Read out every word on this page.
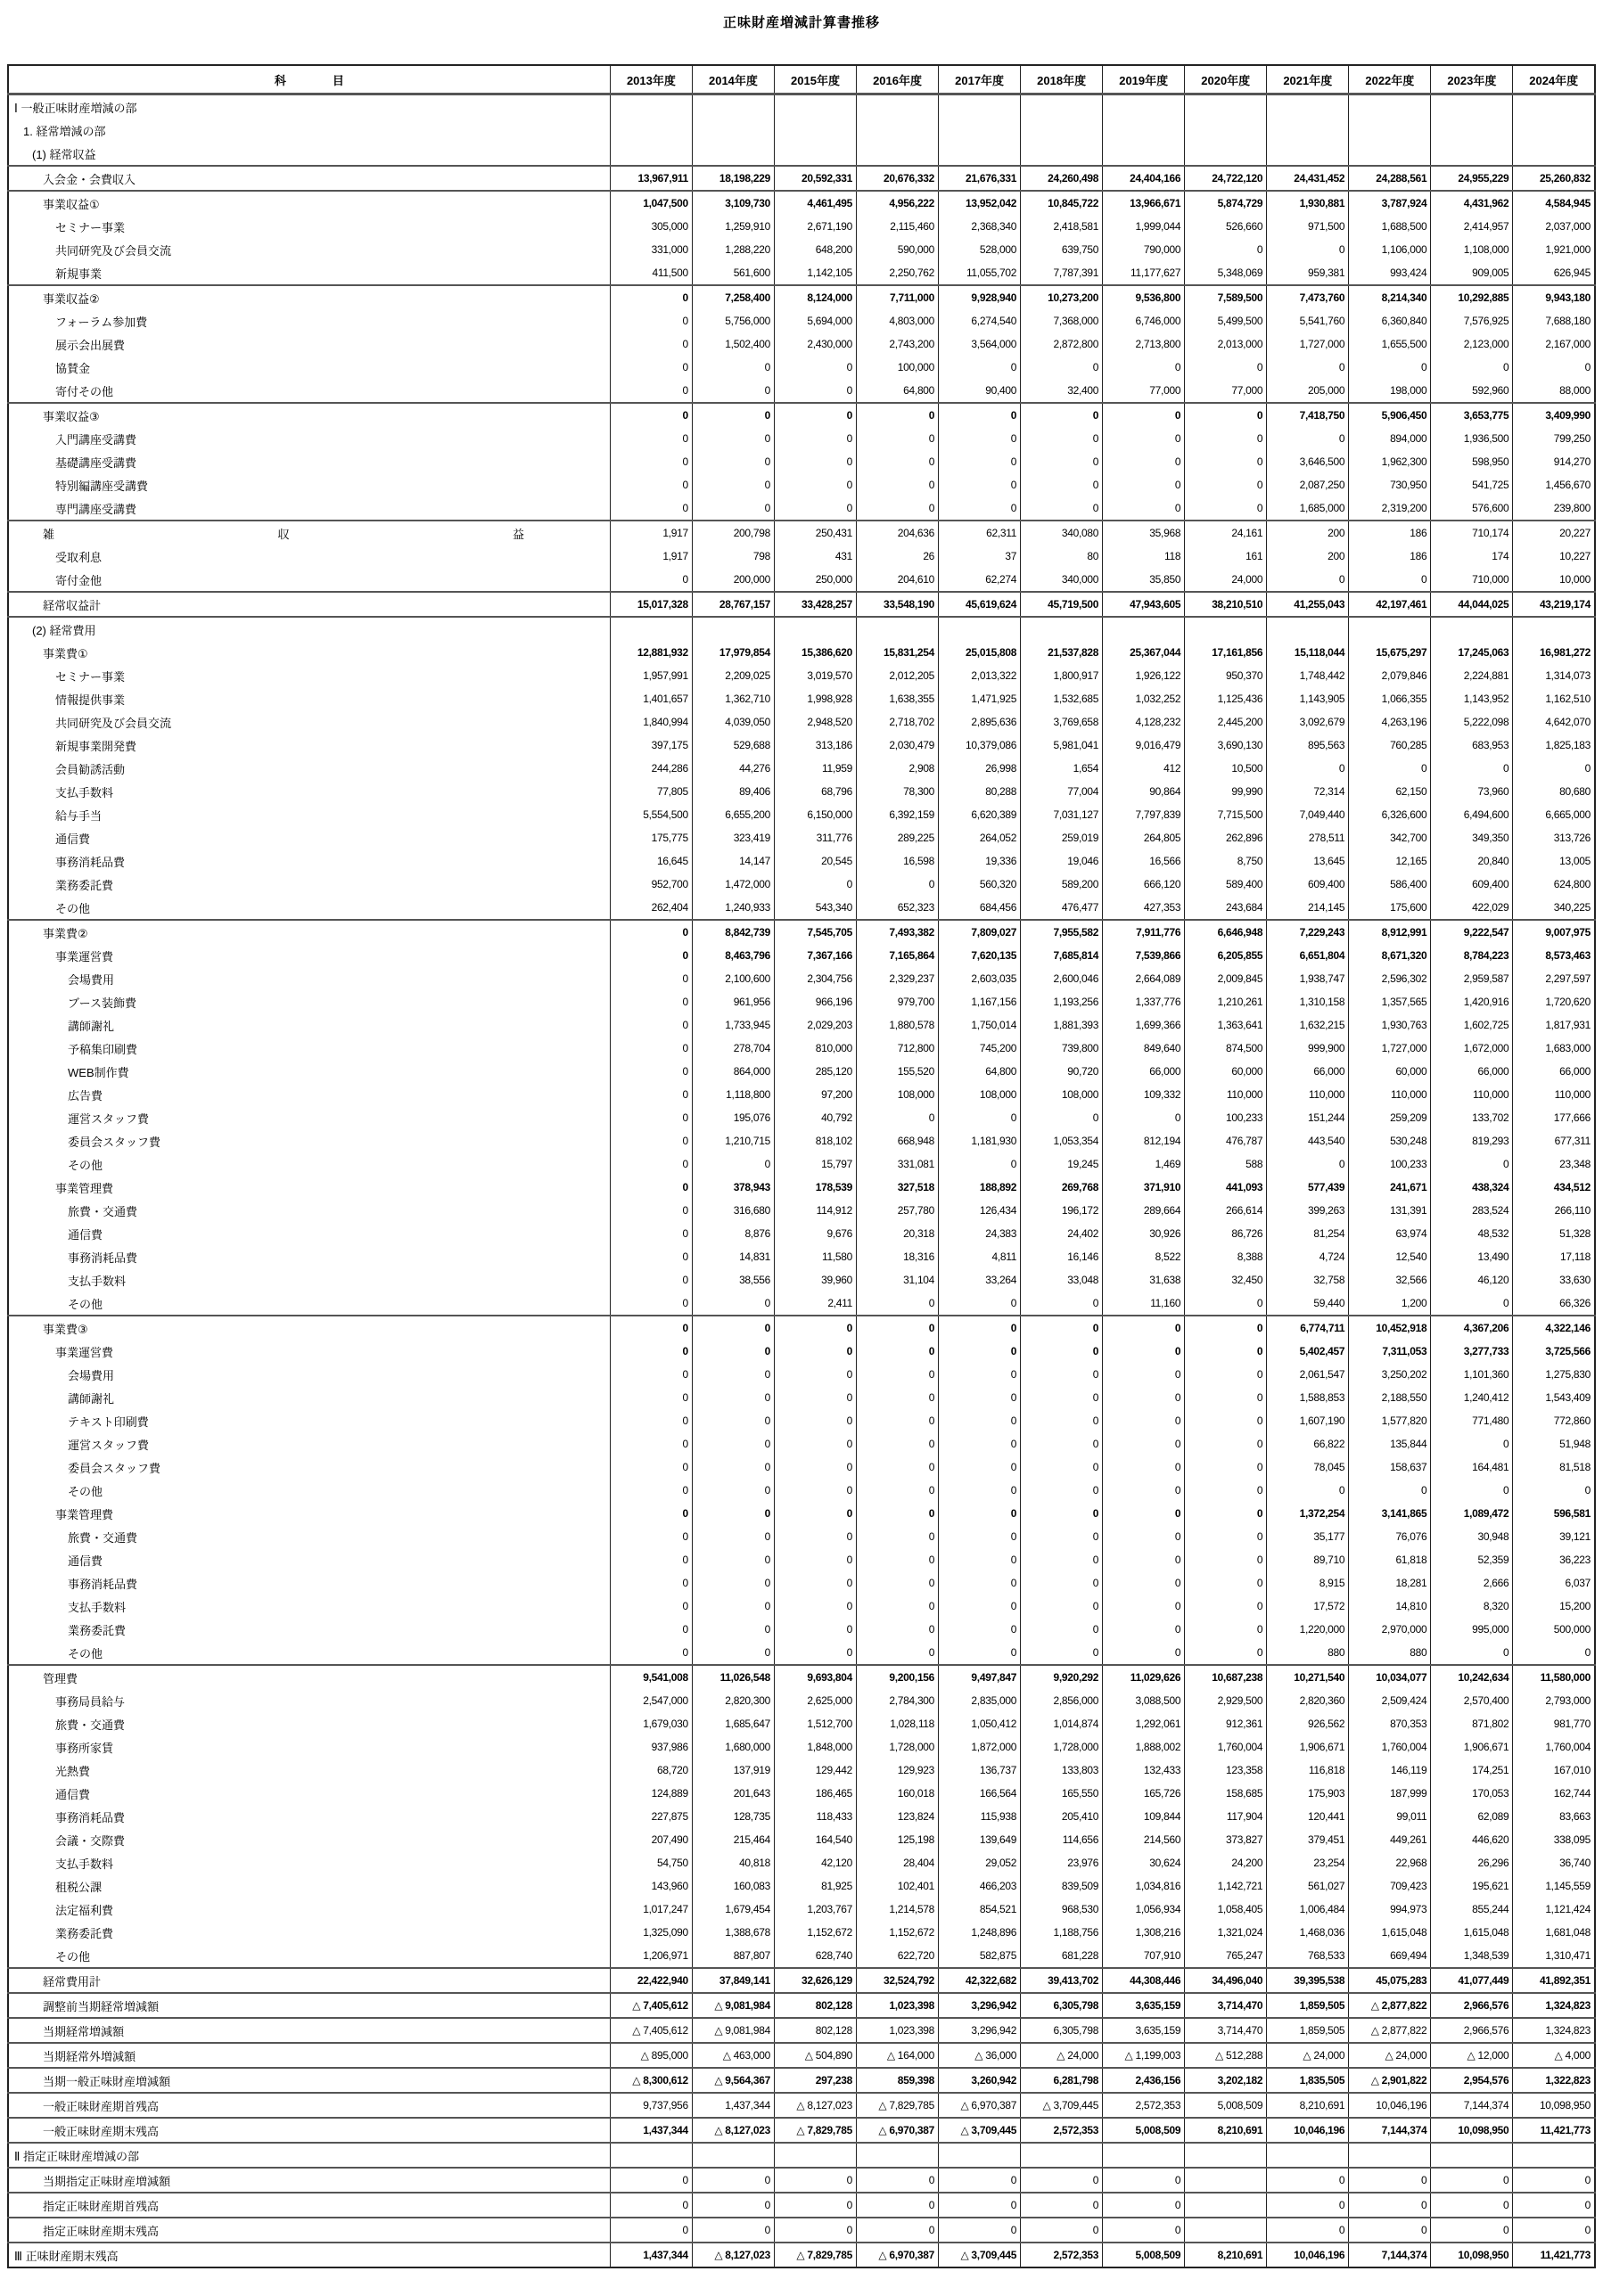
正味財産増減計算書推移
科　　　　目	2013年度	2014年度	2015年度	2016年度	2017年度	2018年度	2019年度	2020年度	2021年度	2022年度	2023年度	2024年度
Ⅰ 一般正味財産増減の部												
1. 経常増減の部												
(1) 経常収益												
入会金・会費収入	13,967,911	18,198,229	20,592,331	20,676,332	21,676,331	24,260,498	24,404,166	24,722,120	24,431,452	24,288,561	24,955,229	25,260,832
事業収益①	1,047,500	3,109,730	4,461,495	4,956,222	13,952,042	10,845,722	13,966,671	5,874,729	1,930,881	3,787,924	4,431,962	4,584,945
セミナー事業	305,000	1,259,910	2,671,190	2,115,460	2,368,340	2,418,581	1,999,044	526,660	971,500	1,688,500	2,414,957	2,037,000
共同研究及び会員交流	331,000	1,288,220	648,200	590,000	528,000	639,750	790,000	0	0	1,106,000	1,108,000	1,921,000
新規事業	411,500	561,600	1,142,105	2,250,762	11,055,702	7,787,391	11,177,627	5,348,069	959,381	993,424	909,005	626,945
事業収益②	0	7,258,400	8,124,000	7,711,000	9,928,940	10,273,200	9,536,800	7,589,500	7,473,760	8,214,340	10,292,885	9,943,180
フォーラム参加費	0	5,756,000	5,694,000	4,803,000	6,274,540	7,368,000	6,746,000	5,499,500	5,541,760	6,360,840	7,576,925	7,688,180
展示会出展費	0	1,502,400	2,430,000	2,743,200	3,564,000	2,872,800	2,713,800	2,013,000	1,727,000	1,655,500	2,123,000	2,167,000
協賛金	0	0	0	100,000	0	0	0	0	0	0	0	0
寄付その他	0	0	0	64,800	90,400	32,400	77,000	77,000	205,000	198,000	592,960	88,000
事業収益③	0	0	0	0	0	0	0	0	7,418,750	5,906,450	3,653,775	3,409,990
入門講座受講費	0	0	0	0	0	0	0	0	0	894,000	1,936,500	799,250
基礎講座受講費	0	0	0	0	0	0	0	0	3,646,500	1,962,300	598,950	914,270
特別編講座受講費	0	0	0	0	0	0	0	0	2,087,250	730,950	541,725	1,456,670
専門講座受講費	0	0	0	0	0	0	0	0	1,685,000	2,319,200	576,600	239,800

雑 収 益	1,917	200,798	250,431	204,636	62,311	340,080	35,968	24,161	200	186	710,174	20,227
受取利息	1,917	798	431	26	37	80	118	161	200	186	174	10,227
寄付金他	0	200,000	250,000	204,610	62,274	340,000	35,850	24,000	0	0	710,000	10,000
経常収益計	15,017,328	28,767,157	33,428,257	33,548,190	45,619,624	45,719,500	47,943,605	38,210,510	41,255,043	42,197,461	44,044,025	43,219,174
(2) 経常費用												
事業費①	12,881,932	17,979,854	15,386,620	15,831,254	25,015,808	21,537,828	25,367,044	17,161,856	15,118,044	15,675,297	17,245,063	16,981,272
セミナー事業	1,957,991	2,209,025	3,019,570	2,012,205	2,013,322	1,800,917	1,926,122	950,370	1,748,442	2,079,846	2,224,881	1,314,073
情報提供事業	1,401,657	1,362,710	1,998,928	1,638,355	1,471,925	1,532,685	1,032,252	1,125,436	1,143,905	1,066,355	1,143,952	1,162,510
共同研究及び会員交流	1,840,994	4,039,050	2,948,520	2,718,702	2,895,636	3,769,658	4,128,232	2,445,200	3,092,679	4,263,196	5,222,098	4,642,070
新規事業開発費	397,175	529,688	313,186	2,030,479	10,379,086	5,981,041	9,016,479	3,690,130	895,563	760,285	683,953	1,825,183
会員勧誘活動	244,286	44,276	11,959	2,908	26,998	1,654	412	10,500	0	0	0	0
支払手数料	77,805	89,406	68,796	78,300	80,288	77,004	90,864	99,990	72,314	62,150	73,960	80,680
給与手当	5,554,500	6,655,200	6,150,000	6,392,159	6,620,389	7,031,127	7,797,839	7,715,500	7,049,440	6,326,600	6,494,600	6,665,000
通信費	175,775	323,419	311,776	289,225	264,052	259,019	264,805	262,896	278,511	342,700	349,350	313,726
事務消耗品費	16,645	14,147	20,545	16,598	19,336	19,046	16,566	8,750	13,645	12,165	20,840	13,005
業務委託費	952,700	1,472,000	0	0	560,320	589,200	666,120	589,400	609,400	586,400	609,400	624,800
その他	262,404	1,240,933	543,340	652,323	684,456	476,477	427,353	243,684	214,145	175,600	422,029	340,225
事業費②	0	8,842,739	7,545,705	7,493,382	7,809,027	7,955,582	7,911,776	6,646,948	7,229,243	8,912,991	9,222,547	9,007,975
事業運営費	0	8,463,796	7,367,166	7,165,864	7,620,135	7,685,814	7,539,866	6,205,855	6,651,804	8,671,320	8,784,223	8,573,463
会場費用	0	2,100,600	2,304,756	2,329,237	2,603,035	2,600,046	2,664,089	2,009,845	1,938,747	2,596,302	2,959,587	2,297,597
ブース装飾費	0	961,956	966,196	979,700	1,167,156	1,193,256	1,337,776	1,210,261	1,310,158	1,357,565	1,420,916	1,720,620
講師謝礼	0	1,733,945	2,029,203	1,880,578	1,750,014	1,881,393	1,699,366	1,363,641	1,632,215	1,930,763	1,602,725	1,817,931
予稿集印刷費	0	278,704	810,000	712,800	745,200	739,800	849,640	874,500	999,900	1,727,000	1,672,000	1,683,000
WEB制作費	0	864,000	285,120	155,520	64,800	90,720	66,000	60,000	66,000	60,000	66,000	66,000
広告費	0	1,118,800	97,200	108,000	108,000	108,000	109,332	110,000	110,000	110,000	110,000	110,000
運営スタッフ費	0	195,076	40,792	0	0	0	0	100,233	151,244	259,209	133,702	177,666
委員会スタッフ費	0	1,210,715	818,102	668,948	1,181,930	1,053,354	812,194	476,787	443,540	530,248	819,293	677,311
その他	0	0	15,797	331,081	0	19,245	1,469	588	0	100,233	0	23,348
事業管理費	0	378,943	178,539	327,518	188,892	269,768	371,910	441,093	577,439	241,671	438,324	434,512
旅費・交通費	0	316,680	114,912	257,780	126,434	196,172	289,664	266,614	399,263	131,391	283,524	266,110
通信費	0	8,876	9,676	20,318	24,383	24,402	30,926	86,726	81,254	63,974	48,532	51,328
事務消耗品費	0	14,831	11,580	18,316	4,811	16,146	8,522	8,388	4,724	12,540	13,490	17,118
支払手数料	0	38,556	39,960	31,104	33,264	33,048	31,638	32,450	32,758	32,566	46,120	33,630
その他	0	0	2,411	0	0	0	11,160	0	59,440	1,200	0	66,326
事業費③	0	0	0	0	0	0	0	0	6,774,711	10,452,918	4,367,206	4,322,146
事業運営費	0	0	0	0	0	0	0	0	5,402,457	7,311,053	3,277,733	3,725,566
会場費用	0	0	0	0	0	0	0	0	2,061,547	3,250,202	1,101,360	1,275,830
講師謝礼	0	0	0	0	0	0	0	0	1,588,853	2,188,550	1,240,412	1,543,409
テキスト印刷費	0	0	0	0	0	0	0	0	1,607,190	1,577,820	771,480	772,860
運営スタッフ費	0	0	0	0	0	0	0	0	66,822	135,844	0	51,948
委員会スタッフ費	0	0	0	0	0	0	0	0	78,045	158,637	164,481	81,518
その他	0	0	0	0	0	0	0	0	0	0	0	0
事業管理費	0	0	0	0	0	0	0	0	1,372,254	3,141,865	1,089,472	596,581
旅費・交通費	0	0	0	0	0	0	0	0	35,177	76,076	30,948	39,121
通信費	0	0	0	0	0	0	0	0	89,710	61,818	52,359	36,223
事務消耗品費	0	0	0	0	0	0	0	0	8,915	18,281	2,666	6,037
支払手数料	0	0	0	0	0	0	0	0	17,572	14,810	8,320	15,200
業務委託費	0	0	0	0	0	0	0	0	1,220,000	2,970,000	995,000	500,000
その他	0	0	0	0	0	0	0	0	880	880	0	0
管理費	9,541,008	11,026,548	9,693,804	9,200,156	9,497,847	9,920,292	11,029,626	10,687,238	10,271,540	10,034,077	10,242,634	11,580,000
事務局員給与	2,547,000	2,820,300	2,625,000	2,784,300	2,835,000	2,856,000	3,088,500	2,929,500	2,820,360	2,509,424	2,570,400	2,793,000
旅費・交通費	1,679,030	1,685,647	1,512,700	1,028,118	1,050,412	1,014,874	1,292,061	912,361	926,562	870,353	871,802	981,770
事務所家賃	937,986	1,680,000	1,848,000	1,728,000	1,872,000	1,728,000	1,888,002	1,760,004	1,906,671	1,760,004	1,906,671	1,760,004
光熱費	68,720	137,919	129,442	129,923	136,737	133,803	132,433	123,358	116,818	146,119	174,251	167,010
通信費	124,889	201,643	186,465	160,018	166,564	165,550	165,726	158,685	175,903	187,999	170,053	162,744
事務消耗品費	227,875	128,735	118,433	123,824	115,938	205,410	109,844	117,904	120,441	99,011	62,089	83,663
会議・交際費	207,490	215,464	164,540	125,198	139,649	114,656	214,560	373,827	379,451	449,261	446,620	338,095
支払手数料	54,750	40,818	42,120	28,404	29,052	23,976	30,624	24,200	23,254	22,968	26,296	36,740
租税公課	143,960	160,083	81,925	102,401	466,203	839,509	1,034,816	1,142,721	561,027	709,423	195,621	1,145,559
法定福利費	1,017,247	1,679,454	1,203,767	1,214,578	854,521	968,530	1,056,934	1,058,405	1,006,484	994,973	855,244	1,121,424
業務委託費	1,325,090	1,388,678	1,152,672	1,152,672	1,248,896	1,188,756	1,308,216	1,321,024	1,468,036	1,615,048	1,615,048	1,681,048
その他	1,206,971	887,807	628,740	622,720	582,875	681,228	707,910	765,247	768,533	669,494	1,348,539	1,310,471
経常費用計	22,422,940	37,849,141	32,626,129	32,524,792	42,322,682	39,413,702	44,308,446	34,496,040	39,395,538	45,075,283	41,077,449	41,892,351
調整前当期経常増減額	△ 7,405,612	△ 9,081,984	802,128	1,023,398	3,296,942	6,305,798	3,635,159	3,714,470	1,859,505	△ 2,877,822	2,966,576	1,324,823
当期経常増減額	△ 7,405,612	△ 9,081,984	802,128	1,023,398	3,296,942	6,305,798	3,635,159	3,714,470	1,859,505	△ 2,877,822	2,966,576	1,324,823
当期経常外増減額	△ 895,000	△ 463,000	△ 504,890	△ 164,000	△ 36,000	△ 24,000	△ 1,199,003	△ 512,288	△ 24,000	△ 24,000	△ 12,000	△ 4,000
当期一般正味財産増減額	△ 8,300,612	△ 9,564,367	297,238	859,398	3,260,942	6,281,798	2,436,156	3,202,182	1,835,505	△ 2,901,822	2,954,576	1,322,823
一般正味財産期首残高	9,737,956	1,437,344	△ 8,127,023	△ 7,829,785	△ 6,970,387	△ 3,709,445	2,572,353	5,008,509	8,210,691	10,046,196	7,144,374	10,098,950
一般正味財産期末残高	1,437,344	△ 8,127,023	△ 7,829,785	△ 6,970,387	△ 3,709,445	2,572,353	5,008,509	8,210,691	10,046,196	7,144,374	10,098,950	11,421,773
Ⅱ 指定正味財産増減の部												
当期指定正味財産増減額	0	0	0	0	0	0	0		0	0	0	0
指定正味財産期首残高	0	0	0	0	0	0	0		0	0	0	0
指定正味財産期末残高	0	0	0	0	0	0	0		0	0	0	0
Ⅲ 正味財産期末残高	1,437,344	△ 8,127,023	△ 7,829,785	△ 6,970,387	△ 3,709,445	2,572,353	5,008,509	8,210,691	10,046,196	7,144,374	10,098,950	11,421,773
